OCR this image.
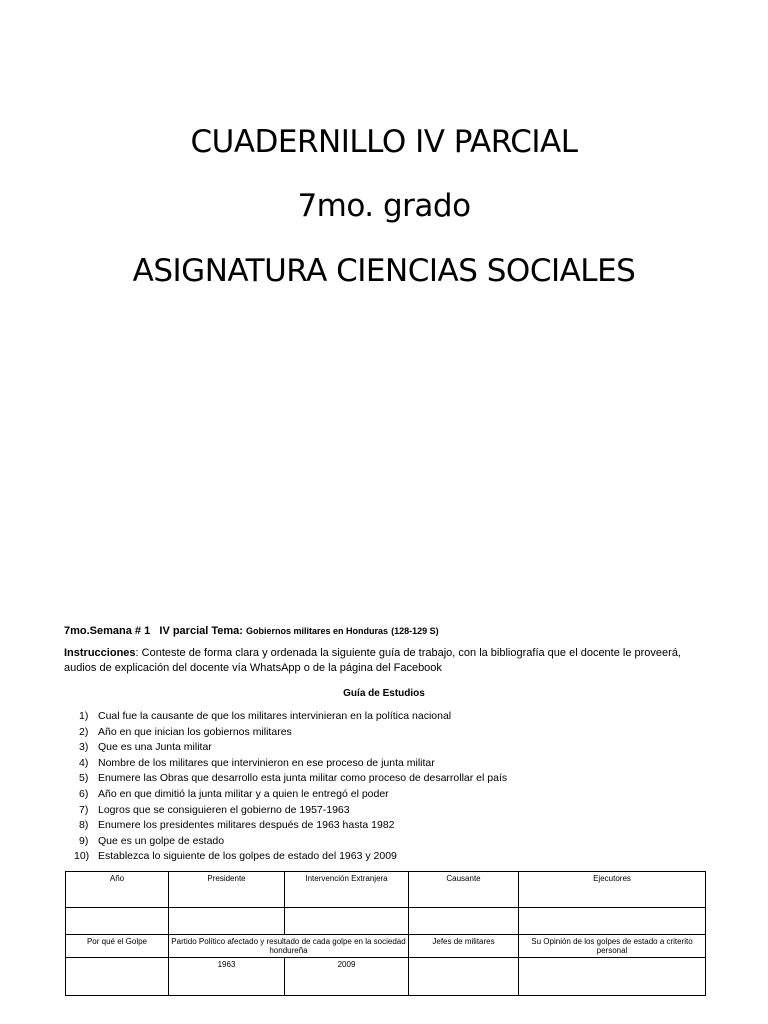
CUADERNILLO IV PARCIAL
7mo. grado
ASIGNATURA CIENCIAS SOCIALES
7mo.Semana # 1 IV parcial Tema: Gobiernos militares en Honduras (128-129 S)
Instrucciones: Conteste de forma clara y ordenada la siguiente guía de trabajo, con la bibliografía que el docente le proveerá, audios de explicación del docente vía WhatsApp o de la página del Facebook
Guía de Estudios
1) Cual fue la causante de que los militares intervinieran en la política nacional
2) Año en que inician los gobiernos militares
3) Que es una Junta militar
4) Nombre de los militares que intervinieron en ese proceso de junta militar
5) Enumere las Obras que desarrollo esta junta militar como proceso de desarrollar el país
6) Año en que dimitió la junta militar y a quien le entregó el poder
7) Logros que se consiguieren el gobierno de 1957-1963
8) Enumere los presidentes militares después de 1963 hasta 1982
9) Que es un golpe de estado
10) Establezca lo siguiente de los golpes de estado del 1963 y 2009
Año	Presidente	Intervención Extranjera	Causante	Ejecutores

Por qué el Golpe	Partido Político afectado y resultado de cada golpe en la sociedad hondureña		Jefes de militares	Su Opinión de los golpes de estado a criterito personal
	1963	2009		
